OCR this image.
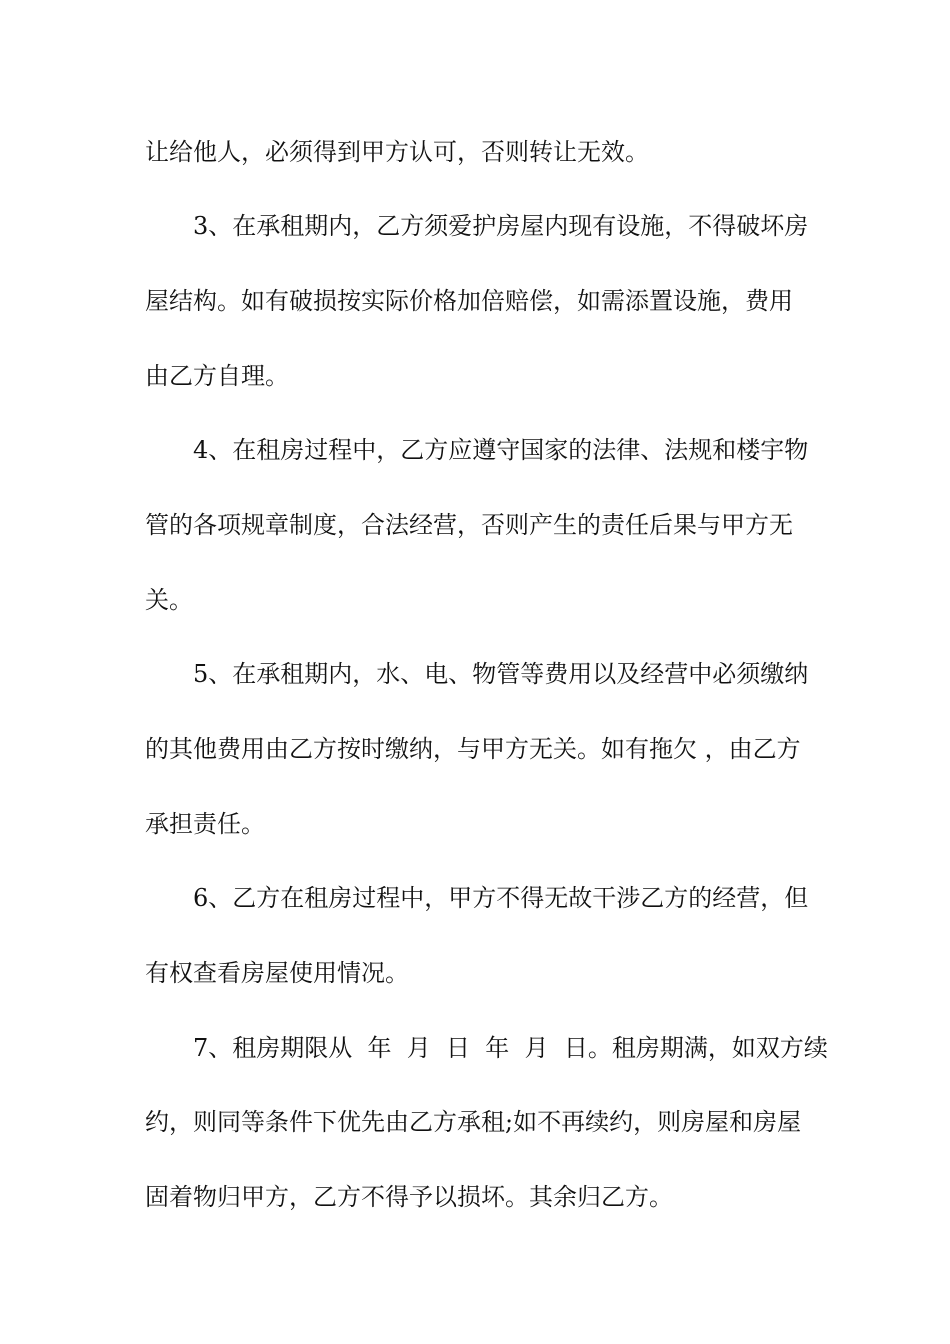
让给他人，必须得到甲方认可，否则转让无效。
3、在承租期内，乙方须爱护房屋内现有设施，不得破坏房
屋结构。如有破损按实际价格加倍赔偿，如需添置设施，费用
由乙方自理。
4、在租房过程中，乙方应遵守国家的法律、法规和楼宇物
管的各项规章制度，合法经营，否则产生的责任后果与甲方无
关。
5、在承租期内，水、电、物管等费用以及经营中必须缴纳
的其他费用由乙方按时缴纳，与甲方无关。如有拖欠 ，由乙方
承担责任。
6、乙方在租房过程中，甲方不得无故干涉乙方的经营，但
有权查看房屋使用情况。
7、租房期限从  年  月  日  年  月  日。租房期满，如双方续
约，则同等条件下优先由乙方承租;如不再续约，则房屋和房屋
固着物归甲方，乙方不得予以损坏。其余归乙方。
